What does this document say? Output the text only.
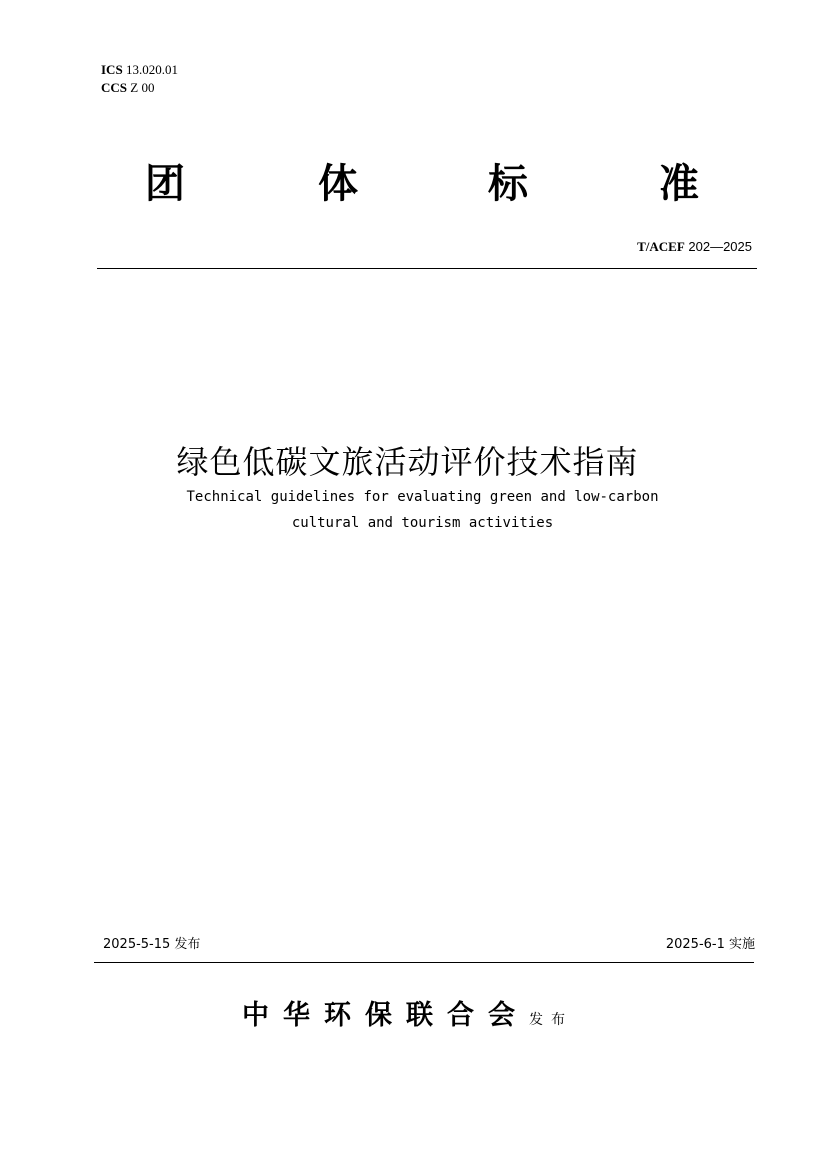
ICS 13.020.01
CCS Z 00
团	体	标	准
T/ACEF 202—2025
绿色低碳文旅活动评价技术指南
Technical guidelines for evaluating green and low-carbon
cultural and tourism activities
2025-5-15 发布	2025-6-1 实施
中华环保联合会发布
